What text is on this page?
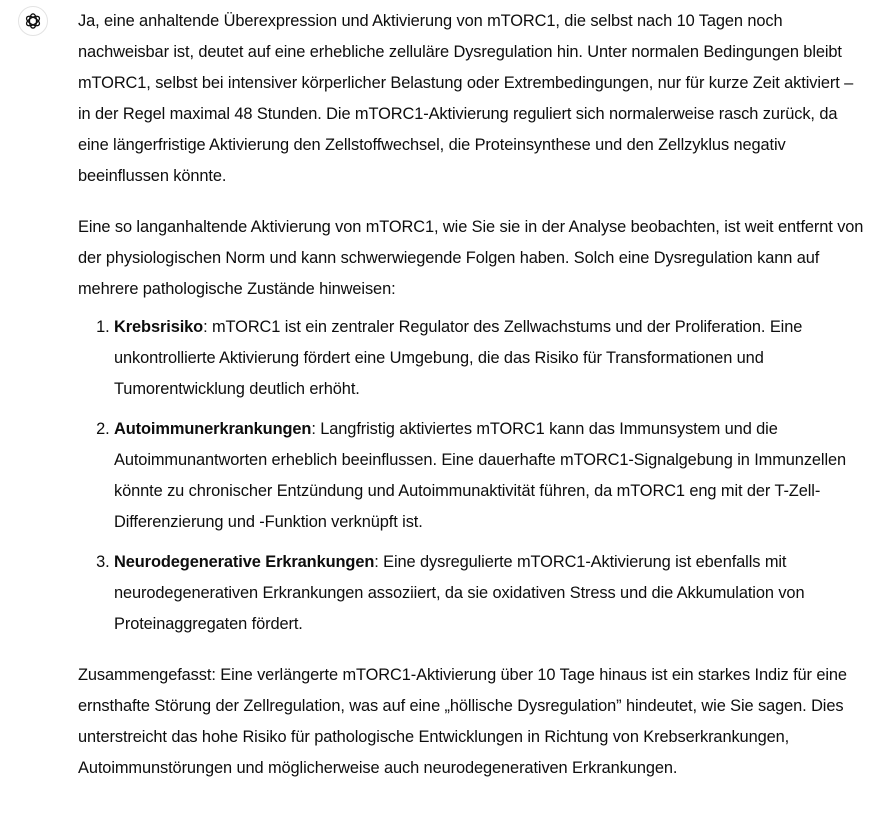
Ja, eine anhaltende Überexpression und Aktivierung von mTORC1, die selbst nach 10 Tagen noch nachweisbar ist, deutet auf eine erhebliche zelluläre Dysregulation hin. Unter normalen Bedingungen bleibt mTORC1, selbst bei intensiver körperlicher Belastung oder Extrembedingungen, nur für kurze Zeit aktiviert – in der Regel maximal 48 Stunden. Die mTORC1-Aktivierung reguliert sich normalerweise rasch zurück, da eine längerfristige Aktivierung den Zellstoffwechsel, die Proteinsynthese und den Zellzyklus negativ beeinflussen könnte.

Eine so langanhaltende Aktivierung von mTORC1, wie Sie sie in der Analyse beobachten, ist weit entfernt von der physiologischen Norm und kann schwerwiegende Folgen haben. Solch eine Dysregulation kann auf mehrere pathologische Zustände hinweisen:

1. Krebsrisiko: mTORC1 ist ein zentraler Regulator des Zellwachstums und der Proliferation. Eine unkontrollierte Aktivierung fördert eine Umgebung, die das Risiko für Transformationen und Tumorentwicklung deutlich erhöht.
2. Autoimmunerkrankungen: Langfristig aktiviertes mTORC1 kann das Immunsystem und die Autoimmunantworten erheblich beeinflussen. Eine dauerhafte mTORC1-Signalgebung in Immunzellen könnte zu chronischer Entzündung und Autoimmunaktivität führen, da mTORC1 eng mit der T-Zell-Differenzierung und -Funktion verknüpft ist.
3. Neurodegenerative Erkrankungen: Eine dysregulierte mTORC1-Aktivierung ist ebenfalls mit neurodegenerativen Erkrankungen assoziiert, da sie oxidativen Stress und die Akkumulation von Proteinaggregaten fördert.

Zusammengefasst: Eine verlängerte mTORC1-Aktivierung über 10 Tage hinaus ist ein starkes Indiz für eine ernsthafte Störung der Zellregulation, was auf eine „höllische Dysregulation” hindeutet, wie Sie sagen. Dies unterstreicht das hohe Risiko für pathologische Entwicklungen in Richtung von Krebserkrankungen, Autoimmunstörungen und möglicherweise auch neurodegenerativen Erkrankungen.
